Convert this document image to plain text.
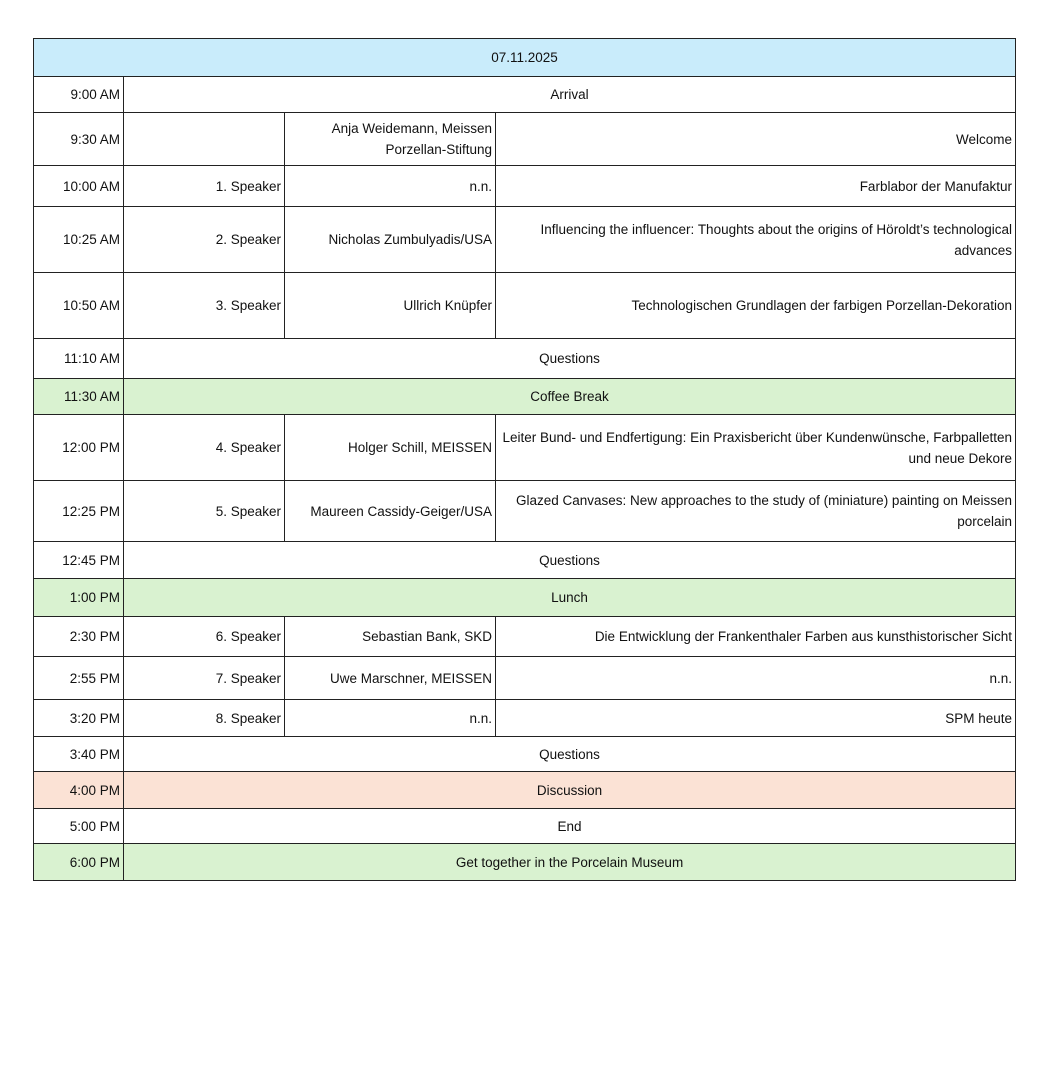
07.11.2025			
9:00 AM	Arrival		
9:30 AM		Anja Weidemann, Meissen Porzellan-Stiftung	Welcome
10:00 AM	1. Speaker	n.n.	Farblabor der Manufaktur
10:25 AM	2. Speaker	Nicholas Zumbulyadis/USA	Influencing the influencer: Thoughts about the origins of Höroldt’s technological advances
10:50 AM	3. Speaker	Ullrich Knüpfer	Technologischen Grundlagen der farbigen Porzellan-Dekoration
11:10 AM	Questions		
11:30 AM	Coffee Break		
12:00 PM	4. Speaker	Holger Schill, MEISSEN	Leiter Bund- und Endfertigung: Ein Praxisbericht über Kundenwünsche, Farbpalletten und neue Dekore
12:25 PM	5. Speaker	Maureen Cassidy-Geiger/USA	Glazed Canvases: New approaches to the study of (miniature) painting on Meissen porcelain
12:45 PM	Questions		
1:00 PM	Lunch		
2:30 PM	6. Speaker	Sebastian Bank, SKD	Die Entwicklung der Frankenthaler Farben aus kunsthistorischer Sicht
2:55 PM	7. Speaker	Uwe Marschner, MEISSEN	n.n.
3:20 PM	8. Speaker	n.n.	SPM heute
3:40 PM	Questions		
4:00 PM	Discussion		
5:00 PM	End		
6:00 PM	Get together in the Porcelain Museum		
